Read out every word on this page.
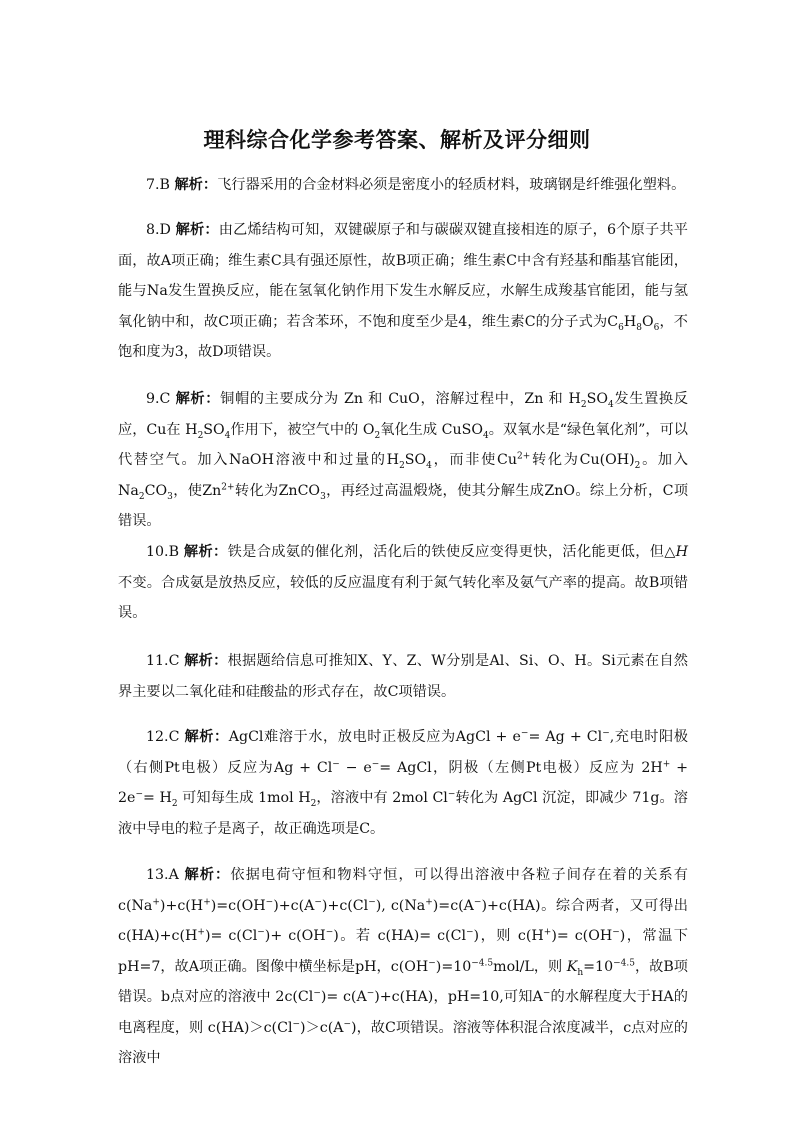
理科综合化学参考答案、解析及评分细则
7.B 解析：飞行器采用的合金材料必须是密度小的轻质材料，玻璃钢是纤维强化塑料。
8.D 解析：由乙烯结构可知，双键碳原子和与碳碳双键直接相连的原子，6个原子共平面，故A项正确；维生素C具有强还原性，故B项正确；维生素C中含有羟基和酯基官能团，能与Na发生置换反应，能在氢氧化钠作用下发生水解反应，水解生成羧基官能团，能与氢氧化钠中和，故C项正确；若含苯环，不饱和度至少是4，维生素C的分子式为$C_6H_8O_6$，不饱和度为3，故D项错误。
9.C 解析：铜帽的主要成分为 Zn 和 CuO，溶解过程中，Zn 和 $H_2SO_4$发生置换反应，Cu在 $H_2SO_4$作用下，被空气中的 $O_2$氧化生成 CuSO$_4$。双氧水是“绿色氧化剂”，可以代替空气。加入NaOH溶液中和过量的$H_2SO_4$，而非使$Cu^{2+}$转化为$Cu(OH)_2$。加入$Na_2CO_3$，使$Zn^{2+}$转化为ZnCO$_3$，再经过高温煅烧，使其分解生成ZnO。综上分析，C项错误。
10.B 解析：铁是合成氨的催化剂，活化后的铁使反应变得更快，活化能更低，但△H不变。合成氨是放热反应，较低的反应温度有利于氮气转化率及氨气产率的提高。故B项错误。
11.C 解析：根据题给信息可推知X、Y、Z、W分别是Al、Si、O、H。Si元素在自然界主要以二氧化硅和硅酸盐的形式存在，故C项错误。
12.C 解析：AgCl难溶于水，放电时正极反应为AgCl + e−= Ag + Cl−,充电时阳极（右侧Pt电极）反应为Ag + Cl− − e−= AgCl，阴极（左侧Pt电极）反应为 $2H^+ + 2e^-= H_2$ 可知每生成 1mol $H_2$，溶液中有 2mol Cl−转化为 AgCl 沉淀，即减少 71g。溶液中导电的粒子是离子，故正确选项是C。
13.A 解析：依据电荷守恒和物料守恒，可以得出溶液中各粒子间存在着的关系有c(Na+)+c(H+)=c(OH−)+c(A−)+c(Cl−), c(Na+)=c(A−)+c(HA)。综合两者，又可得出 c(HA)+c(H+)= c(Cl−)+ c(OH−)。若 c(HA)= c(Cl−)，则 c(H+)= c(OH−)，常温下 pH=7，故A项正确。图像中横坐标是pH，$c(OH^-)=10^{-4.5}mol/L$，则 $K_h=10^{-4.5}$，故B项错误。b点对应的溶液中 2c(Cl−)= c(A−)+c(HA)，pH=10,可知A−的水解程度大于HA的电离程度，则 c(HA)＞c(Cl−)＞c(A−)，故C项错误。溶液等体积混合浓度减半，c点对应的溶液中
